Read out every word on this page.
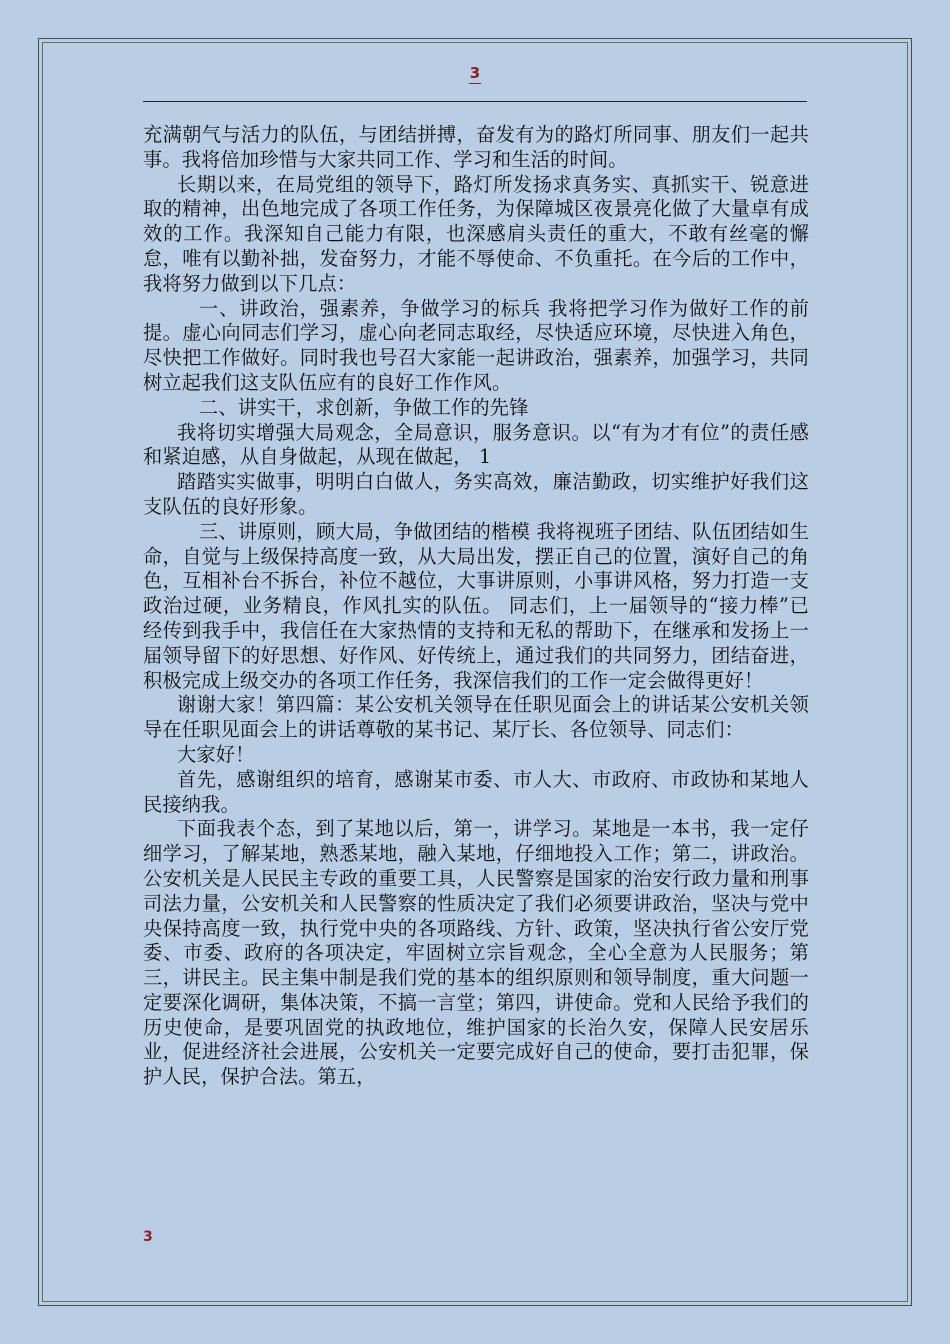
3

充满朝气与活力的队伍，与团结拼搏，奋发有为的路灯所同事、朋友们一起共事。我将倍加珍惜与大家共同工作、学习和生活的时间。

长期以来，在局党组的领导下，路灯所发扬求真务实、真抓实干、锐意进取的精神，出色地完成了各项工作任务，为保障城区夜景亮化做了大量卓有成效的工作。我深知自己能力有限，也深感肩头责任的重大，不敢有丝毫的懈怠，唯有以勤补拙，发奋努力，才能不辱使命、不负重托。在今后的工作中，我将努力做到以下几点：

一、讲政治，强素养，争做学习的标兵 我将把学习作为做好工作的前提。虚心向同志们学习，虚心向老同志取经，尽快适应环境，尽快进入角色，尽快把工作做好。同时我也号召大家能一起讲政治，强素养，加强学习，共同树立起我们这支队伍应有的良好工作作风。

二、讲实干，求创新，争做工作的先锋

我将切实增强大局观念，全局意识，服务意识。以“有为才有位”的责任感和紧迫感，从自身做起，从现在做起， 1

踏踏实实做事，明明白白做人，务实高效，廉洁勤政，切实维护好我们这支队伍的良好形象。

三、讲原则，顾大局，争做团结的楷模 我将视班子团结、队伍团结如生命，自觉与上级保持高度一致，从大局出发，摆正自己的位置，演好自己的角色，互相补台不拆台，补位不越位，大事讲原则，小事讲风格，努力打造一支政治过硬，业务精良，作风扎实的队伍。 同志们，上一届领导的“接力棒”已经传到我手中，我信任在大家热情的支持和无私的帮助下，在继承和发扬上一届领导留下的好思想、好作风、好传统上，通过我们的共同努力，团结奋进，积极完成上级交办的各项工作任务，我深信我们的工作一定会做得更好！

谢谢大家！第四篇：某公安机关领导在任职见面会上的讲话某公安机关领导在任职见面会上的讲话尊敬的某书记、某厅长、各位领导、同志们：

大家好！

首先，感谢组织的培育，感谢某市委、市人大、市政府、市政协和某地人民接纳我。

下面我表个态，到了某地以后，第一，讲学习。某地是一本书，我一定仔细学习，了解某地，熟悉某地，融入某地，仔细地投入工作；第二，讲政治。公安机关是人民民主专政的重要工具，人民警察是国家的治安行政力量和刑事司法力量，公安机关和人民警察的性质决定了我们必须要讲政治，坚决与党中央保持高度一致，执行党中央的各项路线、方针、政策，坚决执行省公安厅党委、市委、政府的各项决定，牢固树立宗旨观念，全心全意为人民服务；第三，讲民主。民主集中制是我们党的基本的组织原则和领导制度，重大问题一定要深化调研，集体决策，不搞一言堂；第四，讲使命。党和人民给予我们的历史使命，是要巩固党的执政地位，维护国家的长治久安，保障人民安居乐业，促进经济社会进展，公安机关一定要完成好自己的使命，要打击犯罪，保护人民，保护合法。第五，

3
